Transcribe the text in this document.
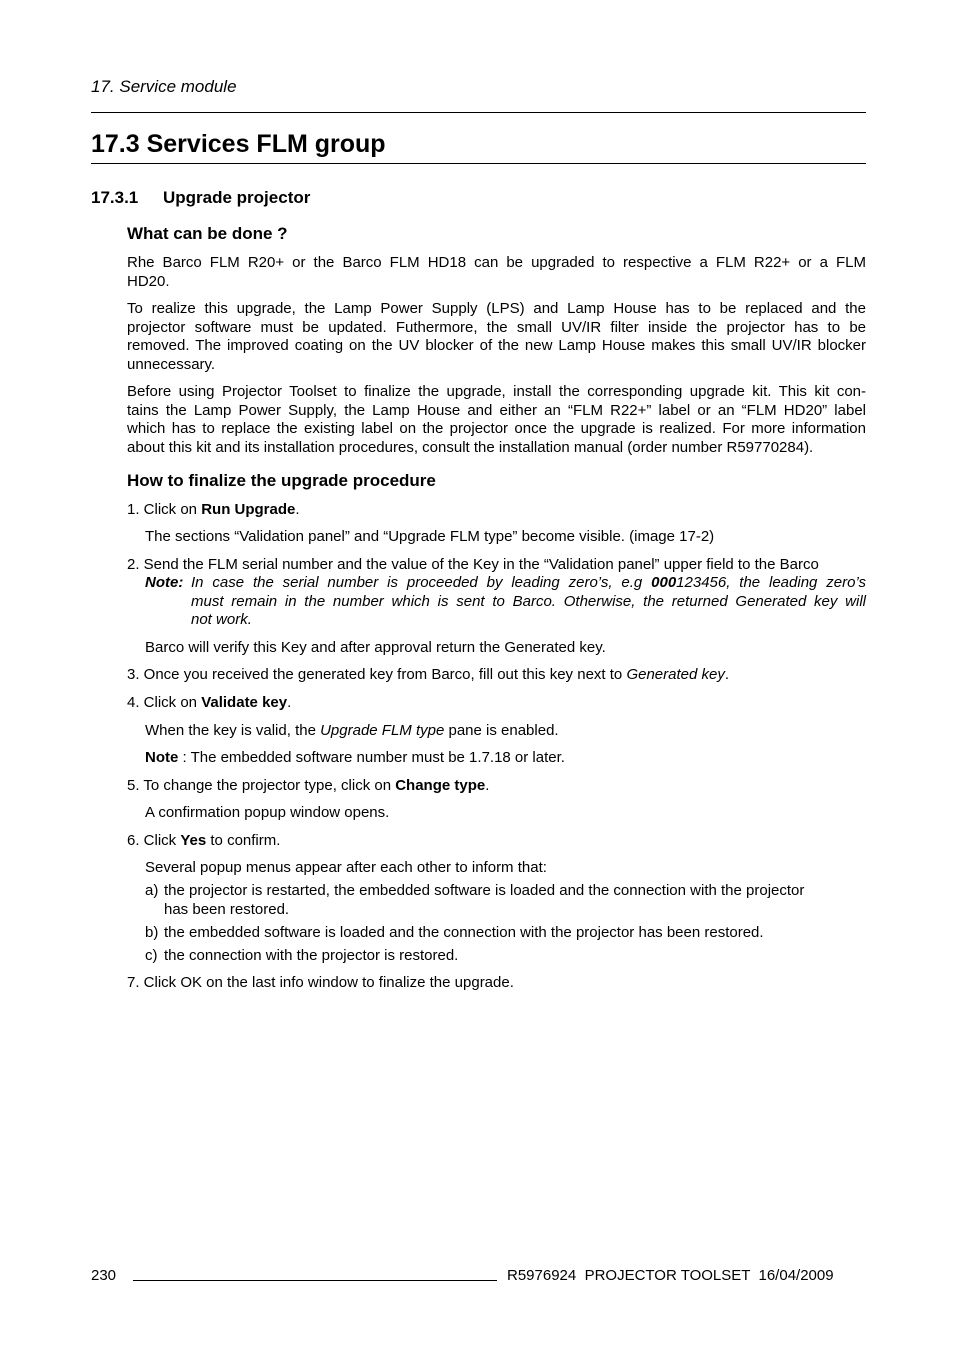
17. Service module
17.3 Services FLM group
17.3.1 Upgrade projector
What can be done ?
Rhe Barco FLM R20+ or the Barco FLM HD18 can be upgraded to respective a FLM R22+ or a FLM
HD20.
To realize this upgrade, the Lamp Power Supply (LPS) and Lamp House has to be replaced and the
projector software must be updated. Futhermore, the small UV/IR filter inside the projector has to be
removed. The improved coating on the UV blocker of the new Lamp House makes this small UV/IR blocker
unnecessary.
Before using Projector Toolset to finalize the upgrade, install the corresponding upgrade kit. This kit con-
tains the Lamp Power Supply, the Lamp House and either an “FLM R22+” label or an “FLM HD20” label
which has to replace the existing label on the projector once the upgrade is realized. For more information
about this kit and its installation procedures, consult the installation manual (order number R59770284).
How to finalize the upgrade procedure
1. Click on Run Upgrade.
The sections “Validation panel” and “Upgrade FLM type” become visible. (image 17-2)
2. Send the FLM serial number and the value of the Key in the “Validation panel” upper field to the Barco
Note: In case the serial number is proceeded by leading zero’s, e.g 000123456, the leading zero’s
must remain in the number which is sent to Barco. Otherwise, the returned Generated key will
not work.
Barco will verify this Key and after approval return the Generated key.
3. Once you received the generated key from Barco, fill out this key next to Generated key.
4. Click on Validate key.
When the key is valid, the Upgrade FLM type pane is enabled.
Note : The embedded software number must be 1.7.18 or later.
5. To change the projector type, click on Change type.
A confirmation popup window opens.
6. Click Yes to confirm.
Several popup menus appear after each other to inform that:
a) the projector is restarted, the embedded software is loaded and the connection with the projector
has been restored.
b) the embedded software is loaded and the connection with the projector has been restored.
c) the connection with the projector is restored.
7. Click OK on the last info window to finalize the upgrade.
230	R5976924  PROJECTOR TOOLSET  16/04/2009
